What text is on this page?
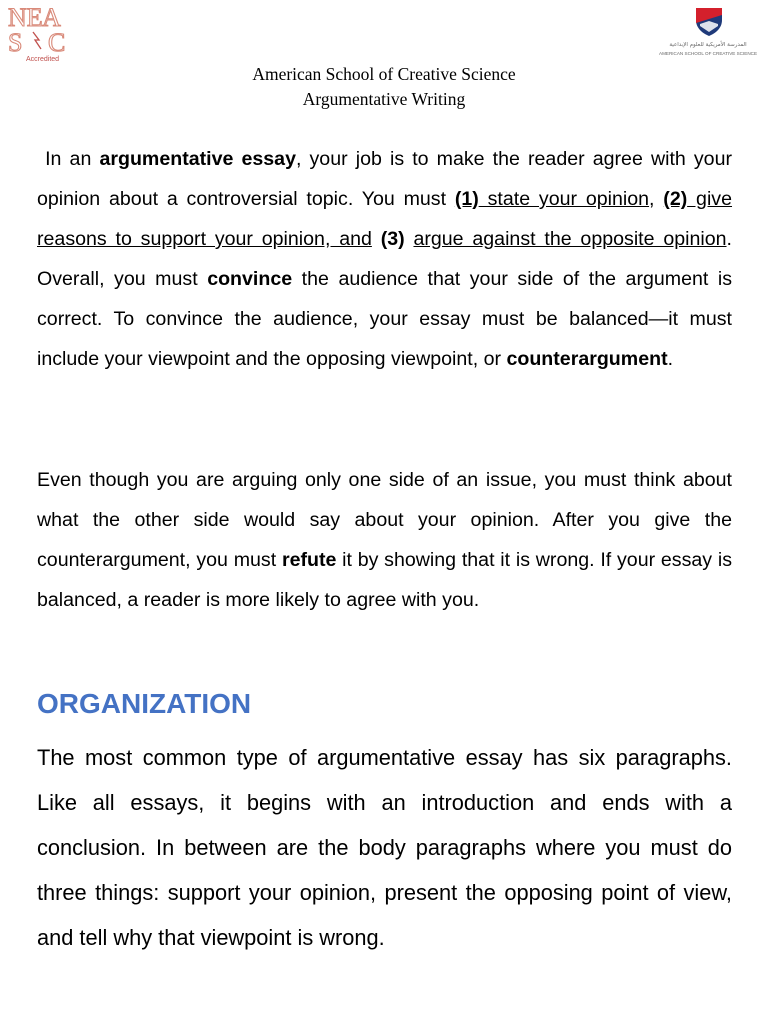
NE A
S C
Accredited
المدرسة الأمريكية للعلوم الإبداعية
AMERICAN SCHOOL OF CREATIVE SCIENCE
American School of Creative Science
Argumentative Writing
In an argumentative essay, your job is to make the reader agree with your opinion about a controversial topic. You must (1) state your opinion, (2) give reasons to support your opinion, and (3) argue against the opposite opinion. Overall, you must convince the audience that your side of the argument is correct. To convince the audience, your essay must be balanced—it must include your viewpoint and the opposing viewpoint, or counterargument.
Even though you are arguing only one side of an issue, you must think about what the other side would say about your opinion. After you give the counterargument, you must refute it by showing that it is wrong. If your essay is balanced, a reader is more likely to agree with you.
ORGANIZATION
The most common type of argumentative essay has six paragraphs. Like all essays, it begins with an introduction and ends with a conclusion. In between are the body paragraphs where you must do three things: support your opinion, present the opposing point of view, and tell why that viewpoint is wrong.
